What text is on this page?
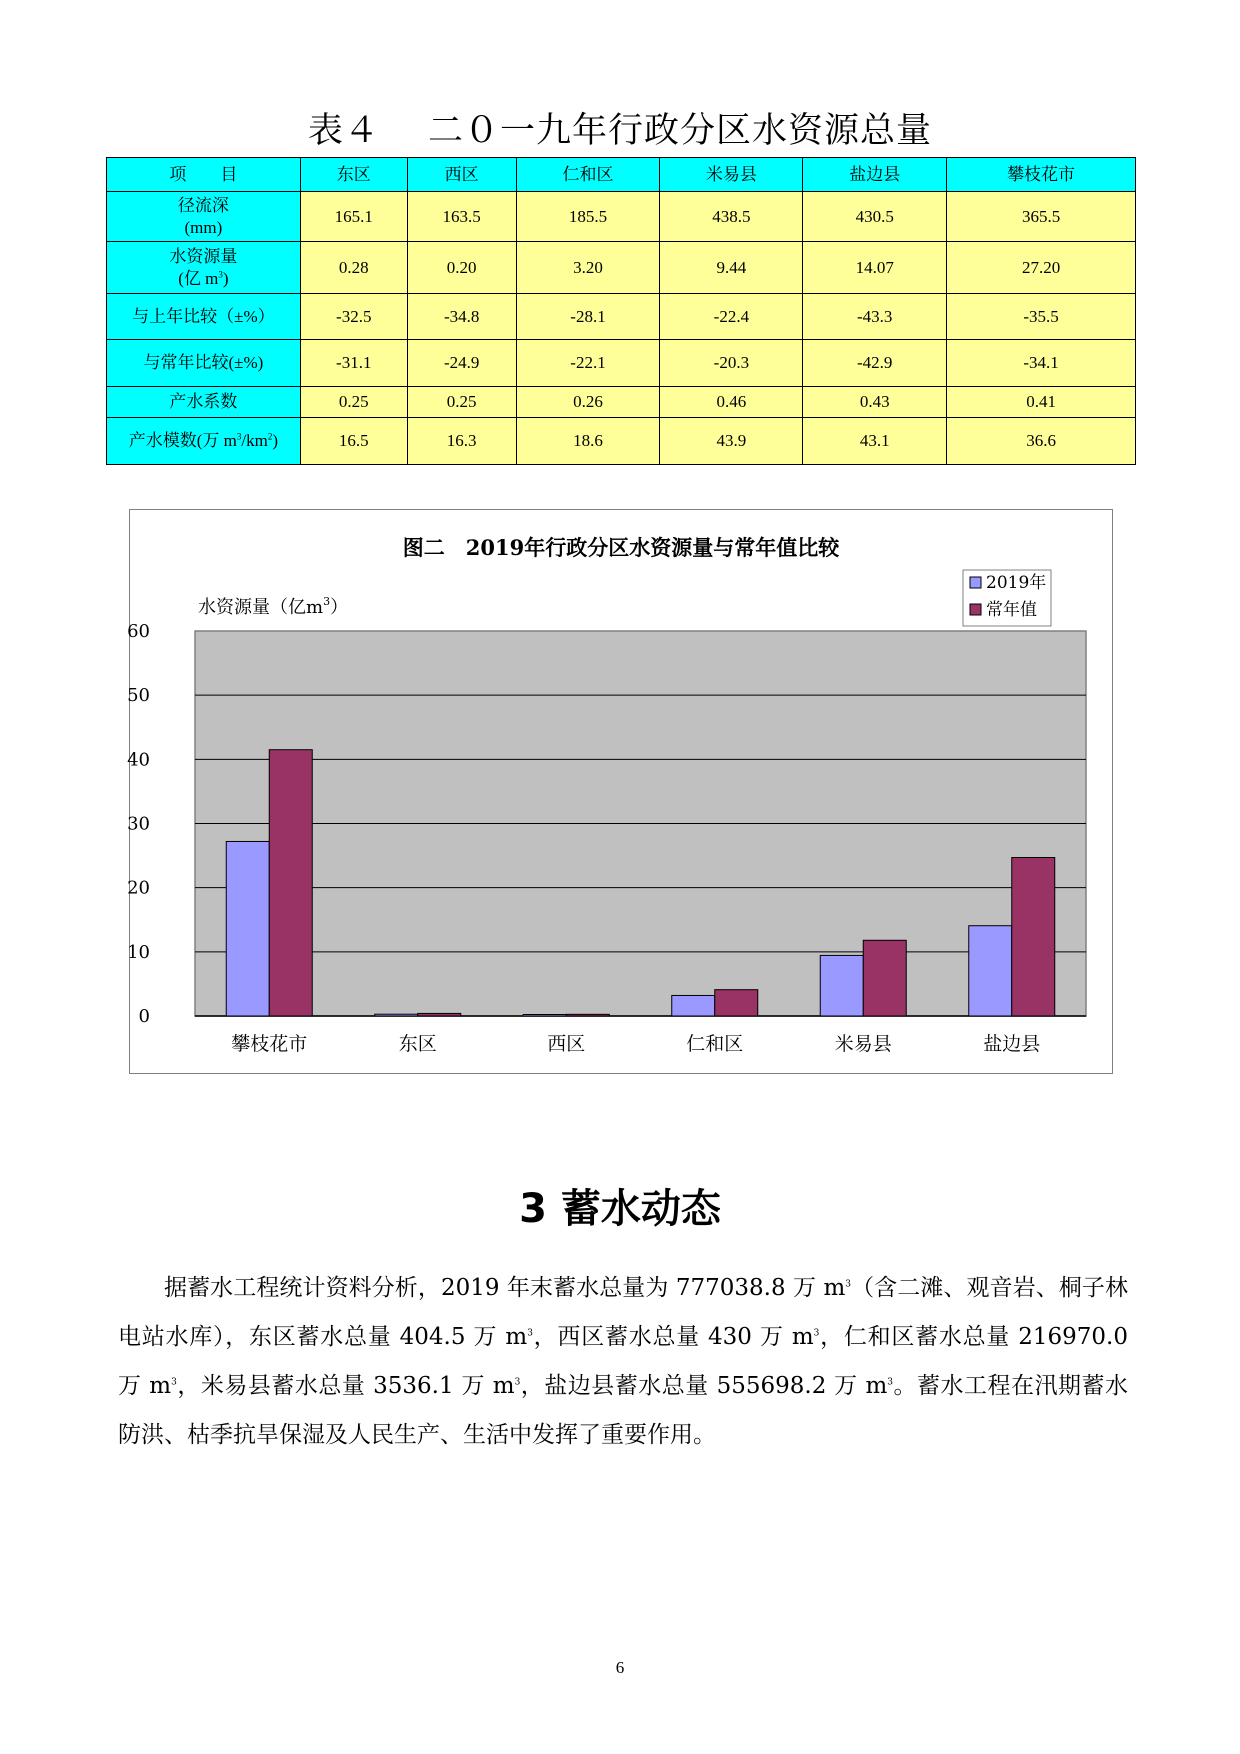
表４　 二０一九年行政分区水资源总量
项　　目	东区	西区	仁和区	米易县	盐边县	攀枝花市
径流深
(mm)	165.1	163.5	185.5	438.5	430.5	365.5
水资源量
(亿 $m^3$)	0.28	0.20	3.20	9.44	14.07	27.20
与上年比较（±%）	-32.5	-34.8	-28.1	-22.4	-43.3	-35.5
与常年比较(±%)	-31.1	-24.9	-22.1	-20.3	-42.9	-34.1
产水系数	0.25	0.25	0.26	0.46	0.43	0.41
产水模数(万 $m^3/km^2$)	16.5	16.3	18.6	43.9	43.1	36.6
图二　2019年行政分区水资源量与常年值比较
水资源量（亿$m^3$）
0
10
20
30
40
50
60
攀枝花市	东区	西区	仁和区	米易县	盐边县
2019年
常年值
3 蓄水动态

据蓄水工程统计资料分析，2019 年末蓄水总量为 777038.8 万 $m^3$（含二滩、观音岩、桐子林电站水库），东区蓄水总量 404.5 万 $m^3$，西区蓄水总量 430 万 $m^3$，仁和区蓄水总量 216970.0 万 $m^3$，米易县蓄水总量 3536.1 万 $m^3$，盐边县蓄水总量 555698.2 万 $m^3$。蓄水工程在汛期蓄水防洪、枯季抗旱保湿及人民生产、生活中发挥了重要作用。

6
